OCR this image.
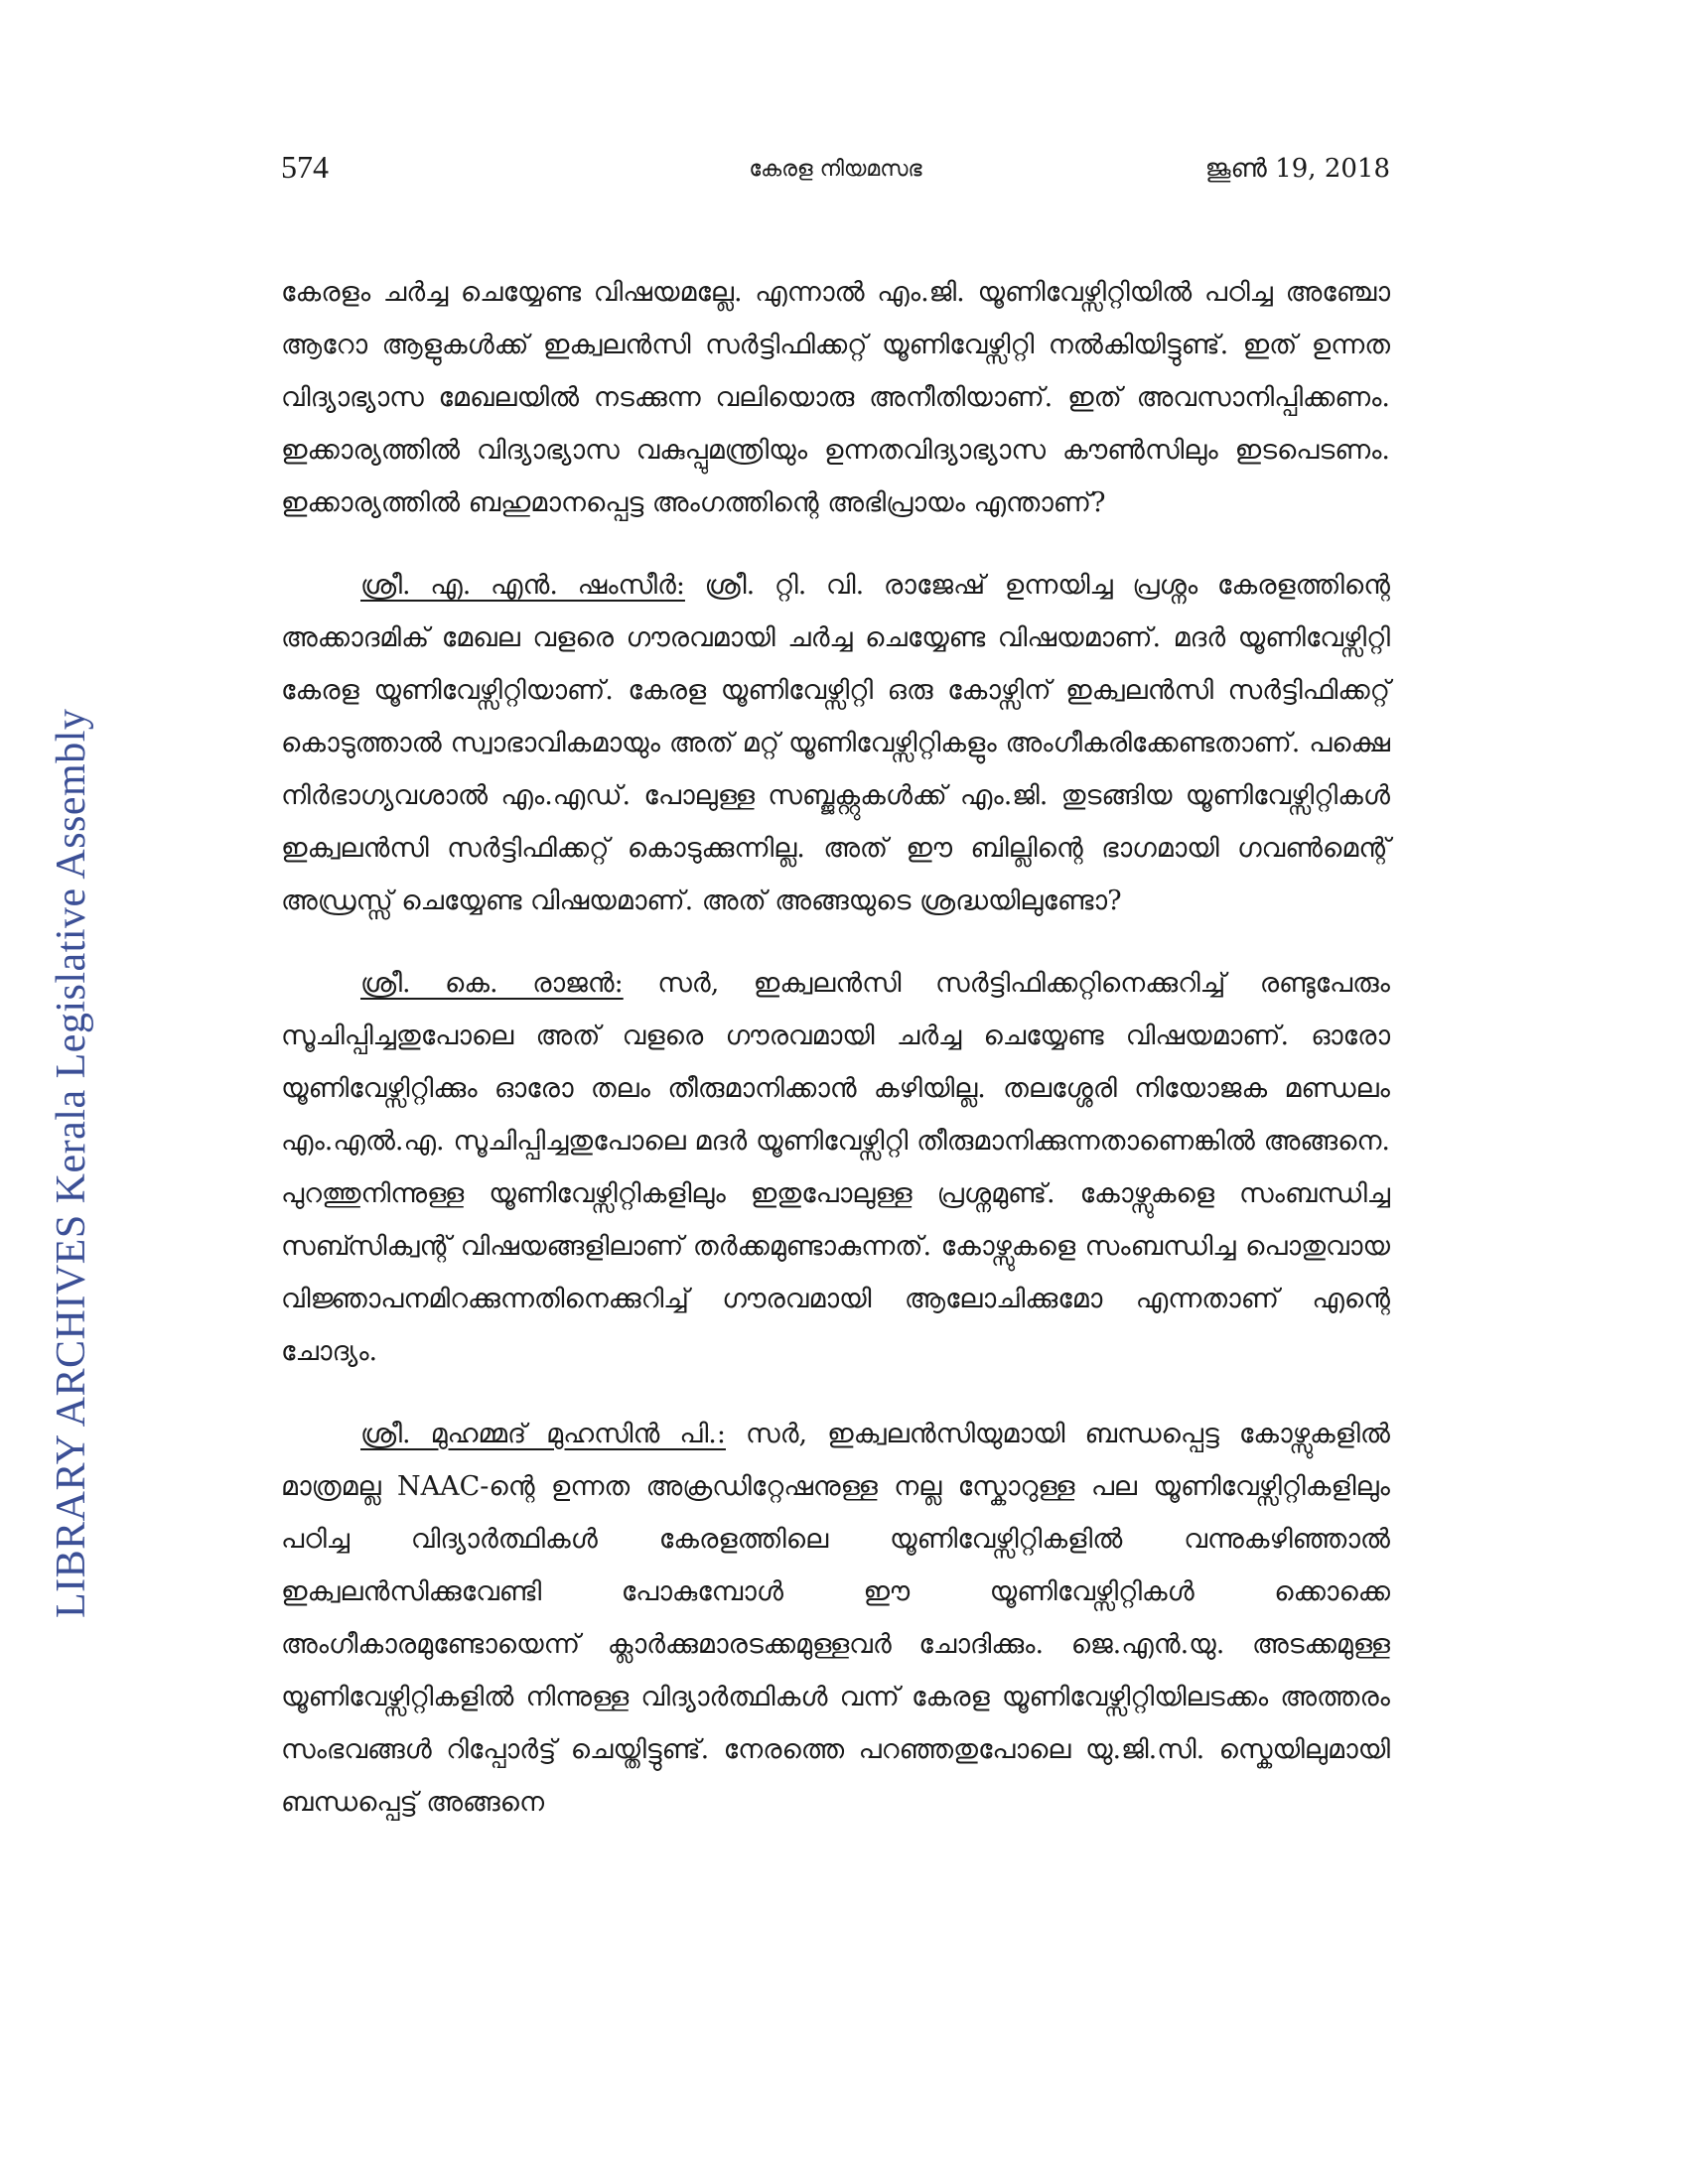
LIBRARY ARCHIVES Kerala Legislative Assembly
574	കേരള നിയമസഭ	ജൂൺ 19, 2018

കേരളം ചർച്ച ചെയ്യേണ്ട വിഷയമല്ലേ. എന്നാൽ എം.ജി. യൂണിവേഴ്സിറ്റിയിൽ പഠിച്ച അഞ്ചോ ആറോ ആളുകൾക്ക് ഇക്വലൻസി സർട്ടിഫിക്കറ്റ് യൂണിവേഴ്സിറ്റി നൽകിയിട്ടുണ്ട്. ഇത് ഉന്നത വിദ്യാഭ്യാസ മേഖലയിൽ നടക്കുന്ന വലിയൊരു അനീതിയാണ്. ഇത് അവസാനിപ്പിക്കണം. ഇക്കാര്യത്തിൽ വിദ്യാഭ്യാസ വകുപ്പുമന്ത്രിയും ഉന്നതവിദ്യാഭ്യാസ കൗൺസിലും ഇടപെടണം. ഇക്കാര്യത്തിൽ ബഹുമാനപ്പെട്ട അംഗത്തിന്റെ അഭിപ്രായം എന്താണ്?

ശ്രീ. എ. എൻ. ഷംസീർ: ശ്രീ. റ്റി. വി. രാജേഷ് ഉന്നയിച്ച പ്രശ്നം കേരളത്തിന്റെ അക്കാദമിക് മേഖല വളരെ ഗൗരവമായി ചർച്ച ചെയ്യേണ്ട വിഷയമാണ്. മദർ യൂണിവേഴ്സിറ്റി കേരള യൂണിവേഴ്സിറ്റിയാണ്. കേരള യൂണിവേഴ്സിറ്റി ഒരു കോഴ്സിന് ഇക്വലൻസി സർട്ടിഫിക്കറ്റ് കൊടുത്താൽ സ്വാഭാവികമായും അത് മറ്റ് യൂണിവേഴ്സിറ്റികളും അംഗീകരിക്കേണ്ടതാണ്. പക്ഷെ നിർഭാഗ്യവശാൽ എം.എഡ്. പോലുള്ള സബ്ജക്റ്റുകൾക്ക് എം.ജി. തുടങ്ങിയ യൂണിവേഴ്സിറ്റികൾ ഇക്വലൻസി സർട്ടിഫിക്കറ്റ് കൊടുക്കുന്നില്ല. അത് ഈ ബില്ലിന്റെ ഭാഗമായി ഗവൺമെന്റ് അഡ്രസ്സ് ചെയ്യേണ്ട വിഷയമാണ്. അത് അങ്ങയുടെ ശ്രദ്ധയിലുണ്ടോ?

ശ്രീ. കെ. രാജൻ: സർ, ഇക്വലൻസി സർട്ടിഫിക്കറ്റിനെക്കുറിച്ച് രണ്ടുപേരും സൂചിപ്പിച്ചതുപോലെ അത് വളരെ ഗൗരവമായി ചർച്ച ചെയ്യേണ്ട വിഷയമാണ്. ഓരോ യൂണിവേഴ്സിറ്റിക്കും ഓരോ തലം തീരുമാനിക്കാൻ കഴിയില്ല. തലശ്ശേരി നിയോജക മണ്ഡലം എം.എൽ.എ. സൂചിപ്പിച്ചതുപോലെ മദർ യൂണിവേഴ്സിറ്റി തീരുമാനിക്കുന്നതാണെങ്കിൽ അങ്ങനെ. പുറത്തുനിന്നുള്ള യൂണിവേഴ്സിറ്റികളിലും ഇതുപോലുള്ള പ്രശ്നമുണ്ട്. കോഴ്സുകളെ സംബന്ധിച്ച സബ്സിക്വന്റ് വിഷയങ്ങളിലാണ് തർക്കമുണ്ടാകുന്നത്. കോഴ്സുകളെ സംബന്ധിച്ച പൊതുവായ വിജ്ഞാപനമിറക്കുന്നതിനെക്കുറിച്ച് ഗൗരവമായി ആലോചിക്കുമോ എന്നതാണ് എന്റെ ചോദ്യം.

ശ്രീ. മുഹമ്മദ് മുഹസിൻ പി.: സർ, ഇക്വലൻസിയുമായി ബന്ധപ്പെട്ട കോഴ്സുകളിൽ മാത്രമല്ല NAAC-ന്റെ ഉന്നത അക്രഡിറ്റേഷനുള്ള നല്ല സ്കോറുള്ള പല യൂണിവേഴ്സിറ്റികളിലും പഠിച്ച വിദ്യാർത്ഥികൾ കേരളത്തിലെ യൂണിവേഴ്സിറ്റികളിൽ വന്നുകഴിഞ്ഞാൽ ഇക്വലൻസിക്കുവേണ്ടി പോകുമ്പോൾ ഈ യൂണിവേഴ്സിറ്റികൾ ക്കൊക്കെ അംഗീകാരമുണ്ടോയെന്ന് ക്ലാർക്കുമാരടക്കമുള്ളവർ ചോദിക്കും. ജെ.എൻ.യു. അടക്കമുള്ള യൂണിവേഴ്സിറ്റികളിൽ നിന്നുള്ള വിദ്യാർത്ഥികൾ വന്ന് കേരള യൂണിവേഴ്സിറ്റിയിലടക്കം അത്തരം സംഭവങ്ങൾ റിപ്പോർട്ട് ചെയ്തിട്ടുണ്ട്. നേരത്തെ പറഞ്ഞതുപോലെ യു.ജി.സി. സ്കെയിലുമായി ബന്ധപ്പെട്ട് അങ്ങനെ
